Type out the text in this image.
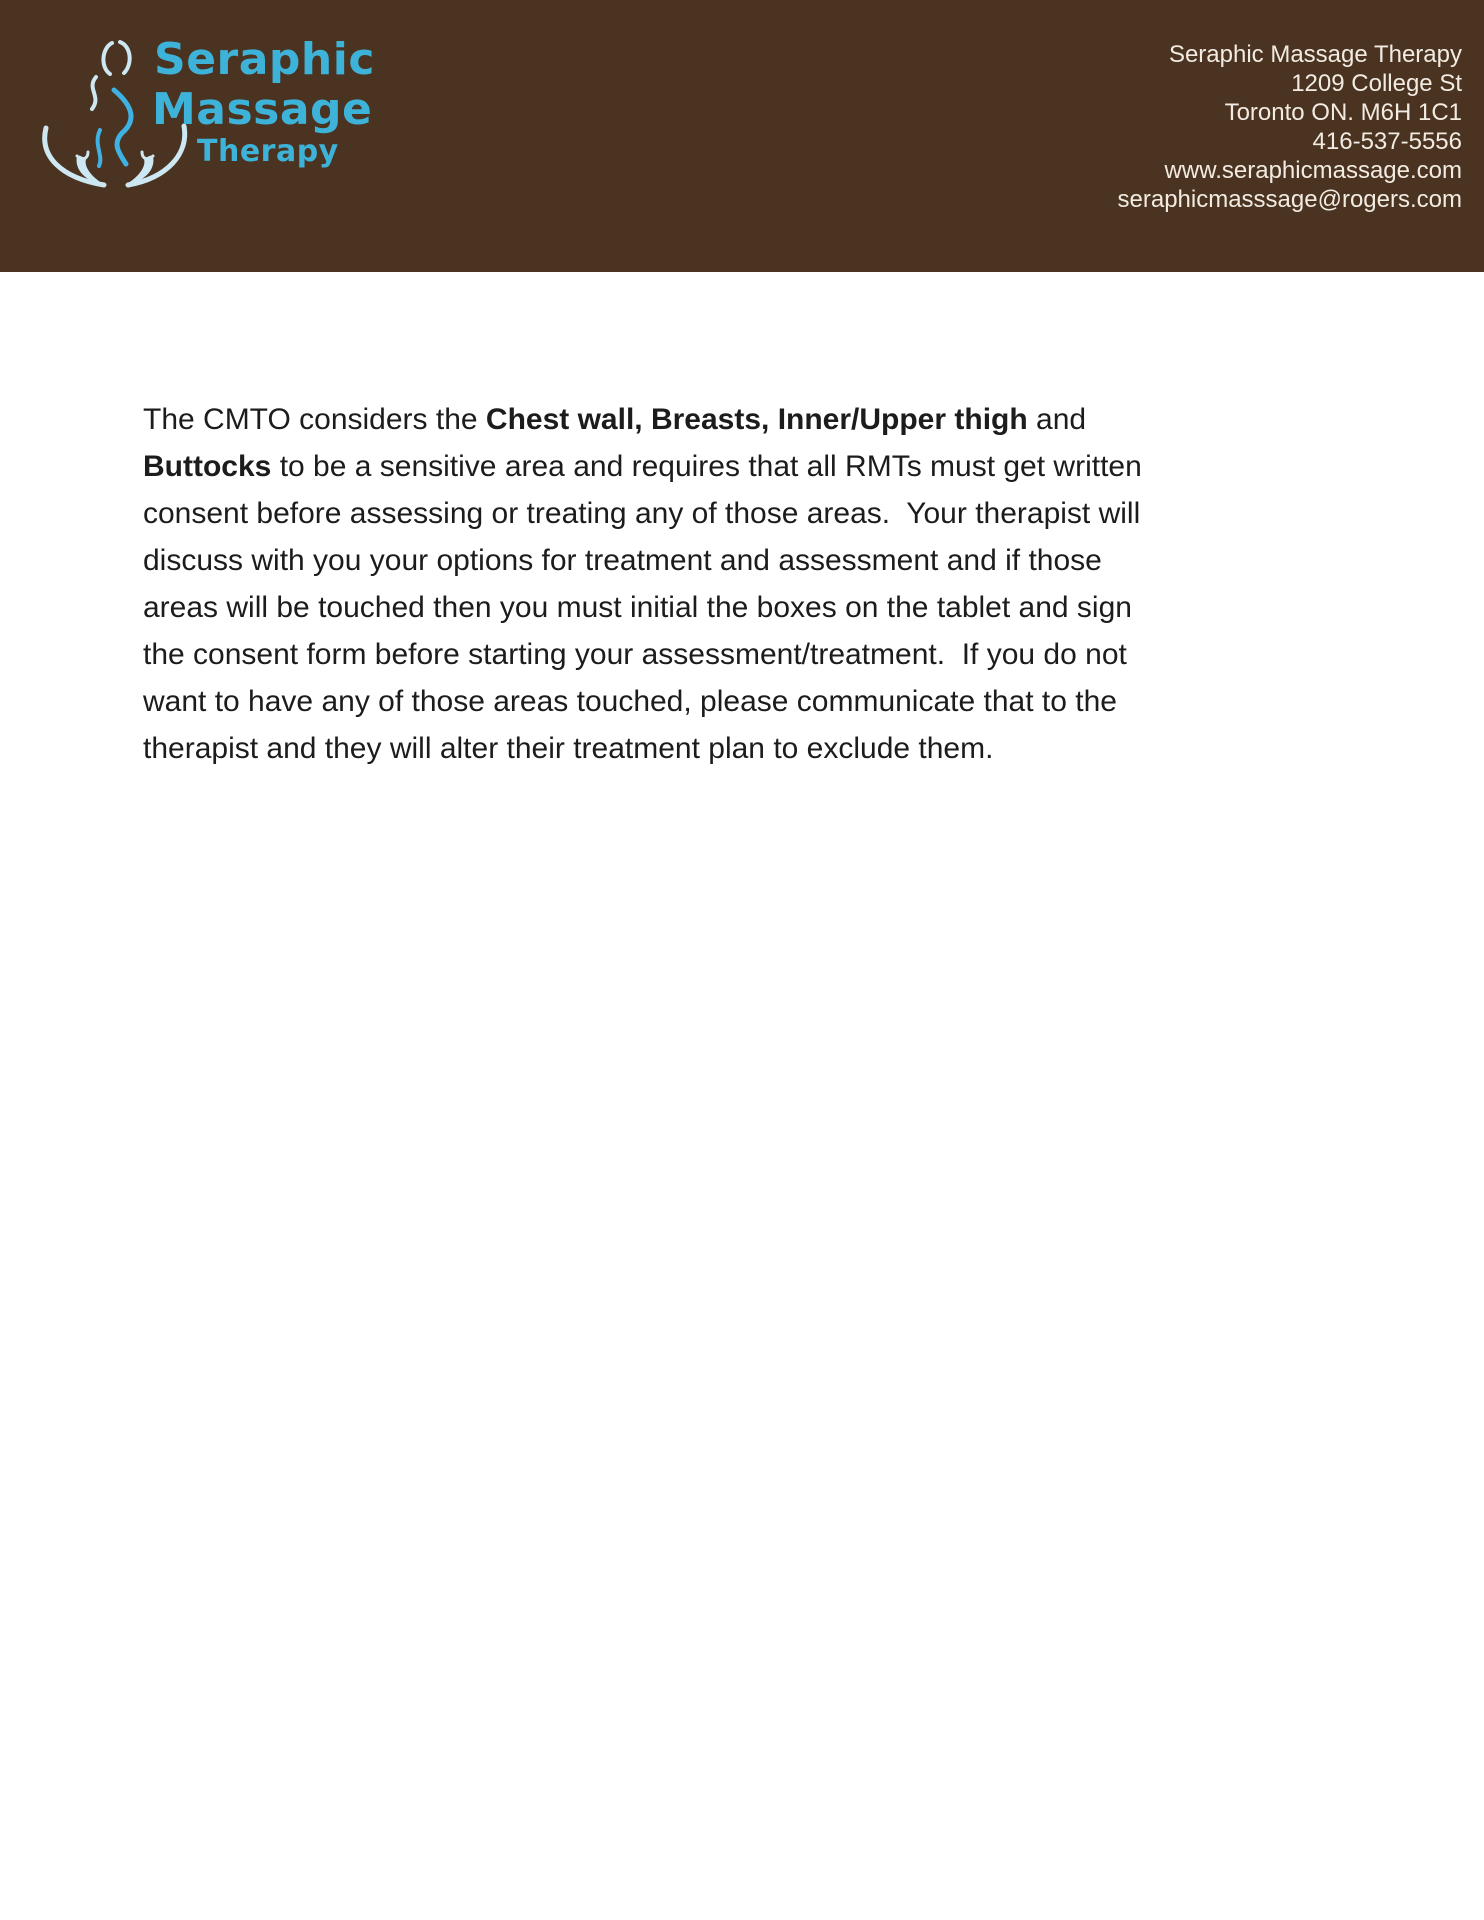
Seraphic
Massage
Therapy
Seraphic Massage Therapy
1209 College St
Toronto ON. M6H 1C1
416-537-5556
www.seraphicmassage.com
seraphicmasssage@rogers.com

The CMTO considers the Chest wall, Breasts, Inner/Upper thigh and Buttocks to be a sensitive area and requires that all RMTs must get written consent before assessing or treating any of those areas.  Your therapist will discuss with you your options for treatment and assessment and if those areas will be touched then you must initial the boxes on the tablet and sign the consent form before starting your assessment/treatment.  If you do not want to have any of those areas touched, please communicate that to the therapist and they will alter their treatment plan to exclude them.
